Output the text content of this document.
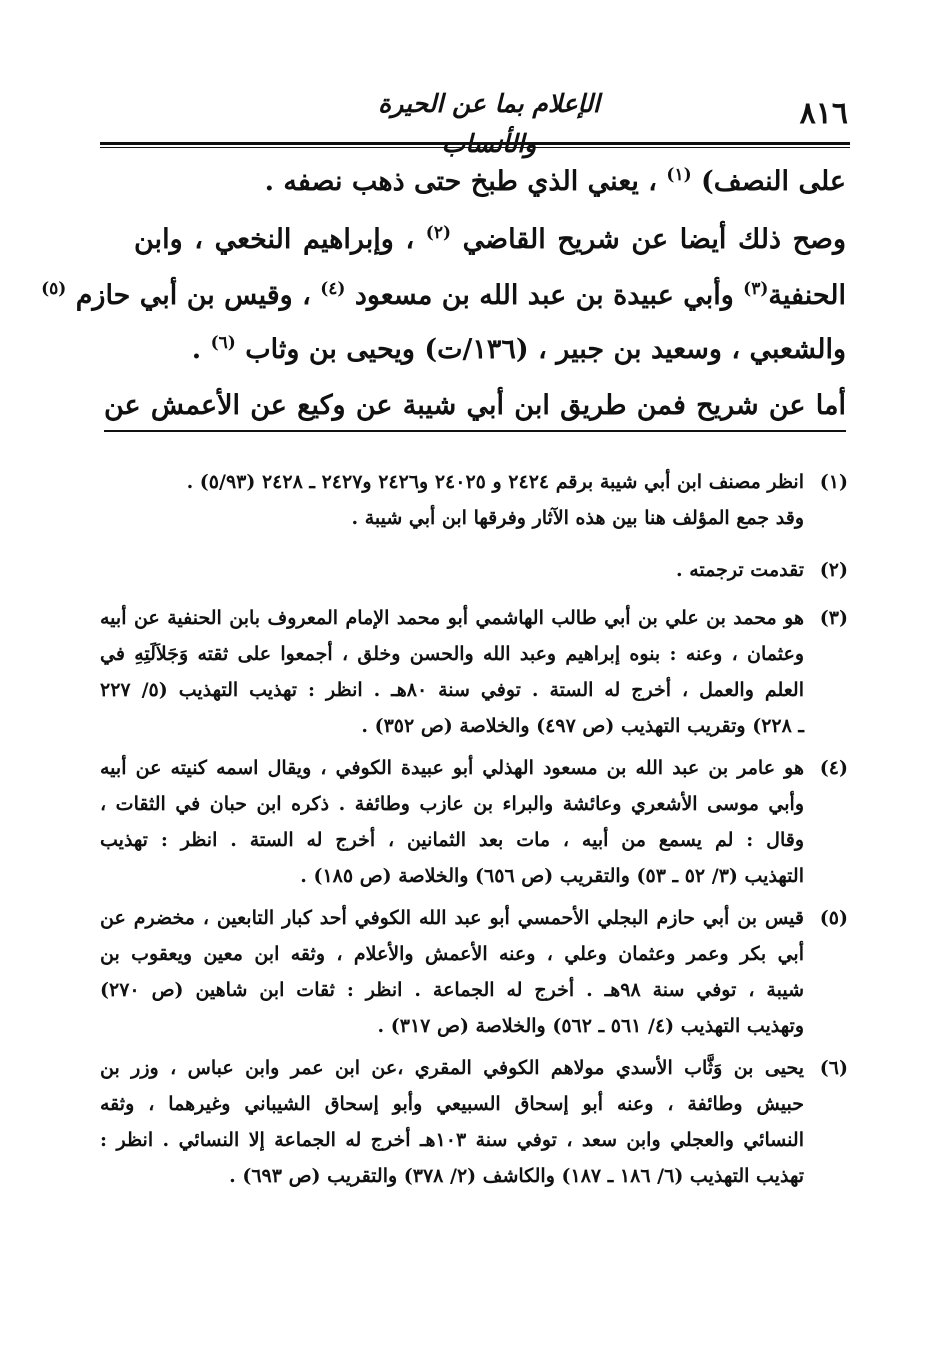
٨١٦
الإعلام بما عن الحيرة
على النصف) $^{(١)}$ ، يعني الذي طبخ حتى ذهب نصفه .
وصح ذلك أيضا عن شريح القاضي $^{(٢)}$ ، وإبراهيم النخعي ، وابن
الحنفية$^{(٣)}$ وأبي عبيدة بن عبد الله بن مسعود $^{(٤)}$ ، وقيس بن أبي حازم $^{(٥)}$
والشعبي ، وسعيد بن جبير ، (١٣٦/ت) ويحيى بن وثاب $^{(٦)}$ .
أما عن شريح فمن طريق ابن أبي شيبة عن وكيع عن الأعمش عن
(١)
انظر مصنف ابن أبي شيبة برقم ٢٤٢٤ و ٢٤٠٢٥ و٢٤٢٦ و٢٤٢٧ ـ ٢٤٢٨ (٥/٩٣) .
وقد جمع المؤلف هنا بين هذه الآثار وفرقها ابن أبي شيبة .
(٢)
تقدمت ترجمته .
(٣)
هو محمد بن علي بن أبي طالب الهاشمي أبو محمد الإمام المعروف بابن الحنفية عن أبيه
وعثمان ، وعنه : بنوه إبراهيم وعبد الله والحسن وخلق ، أجمعوا على ثقته وَجَلاَلَتِهِ في
العلم والعمل ، أخرج له الستة . توفي سنة ٨٠هـ . انظر : تهذيب التهذيب (٥/ ٢٢٧
ـ ٢٢٨) وتقريب التهذيب (ص ٤٩٧) والخلاصة (ص ٣٥٢) .
(٤)
هو عامر بن عبد الله بن مسعود الهذلي أبو عبيدة الكوفي ، ويقال اسمه كنيته عن أبيه
وأبي موسى الأشعري وعائشة والبراء بن عازب وطائفة . ذكره ابن حبان في الثقات ،
وقال : لم يسمع من أبيه ، مات بعد الثمانين ، أخرج له الستة . انظر : تهذيب
التهذيب (٣/ ٥٢ ـ ٥٣) والتقريب (ص ٦٥٦) والخلاصة (ص ١٨٥) .
(٥)
قيس بن أبي حازم البجلي الأحمسي أبو عبد الله الكوفي أحد كبار التابعين ، مخضرم عن
أبي بكر وعمر وعثمان وعلي ، وعنه الأعمش والأعلام ، وثقه ابن معين ويعقوب بن
شيبة ، توفي سنة ٩٨هـ . أخرج له الجماعة . انظر : ثقات ابن شاهين (ص ٢٧٠)
وتهذيب التهذيب (٤/ ٥٦١ ـ ٥٦٢) والخلاصة (ص ٣١٧) .
(٦)
يحيى بن وَثَّاب الأسدي مولاهم الكوفي المقري ،عن ابن عمر وابن عباس ، وزر بن
حبيش وطائفة ، وعنه أبو إسحاق السبيعي وأبو إسحاق الشيباني وغيرهما ، وثقه
النسائي والعجلي وابن سعد ، توفي سنة ١٠٣هـ أخرج له الجماعة إلا النسائي . انظر :
تهذيب التهذيب (٦/ ١٨٦ ـ ١٨٧) والكاشف (٢/ ٣٧٨) والتقريب (ص ٦٩٣) .
